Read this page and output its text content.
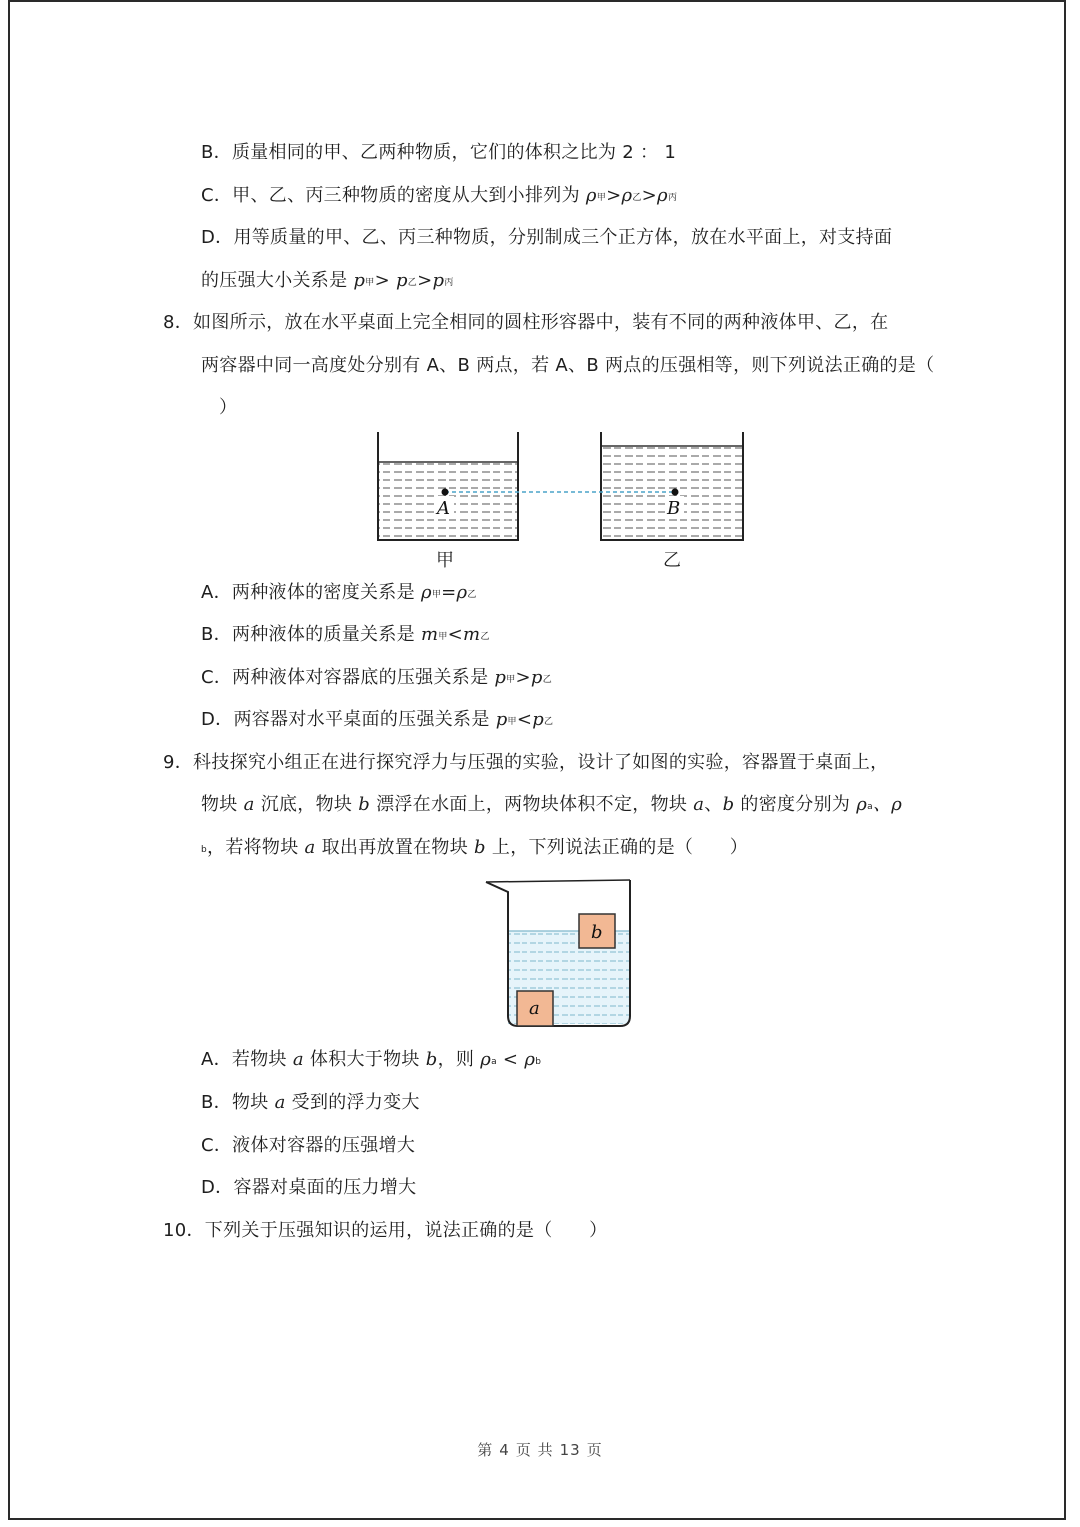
B．质量相同的甲、乙两种物质，它们的体积之比为 2 ： 1
C．甲、乙、丙三种物质的密度从大到小排列为 $\rho_甲>\rho_乙>\rho_丙$
D．用等质量的甲、乙、丙三种物质，分别制成三个正方体，放在水平面上，对支持面
的压强大小关系是 $p_甲> p_乙>p_丙$
8．如图所示，放在水平桌面上完全相同的圆柱形容器中，装有不同的两种液体甲、乙，在
两容器中同一高度处分别有 A、B 两点，若 A、B 两点的压强相等，则下列说法正确的是（
）
A	B
甲	乙
A．两种液体的密度关系是 $\rho_甲=\rho_乙$
B．两种液体的质量关系是 $m_甲<m_乙$
C．两种液体对容器底的压强关系是 $p_甲>p_乙$
D．两容器对水平桌面的压强关系是 $p_甲<p_乙$
9．科技探究小组正在进行探究浮力与压强的实验，设计了如图的实验，容器置于桌面上，
物块 a 沉底，物块 b 漂浮在水面上，两物块体积不定，物块 a、b 的密度分别为 $\rho_a$、ρ
$_b$，若将物块 a 取出再放置在物块 b 上，下列说法正确的是（　　）
a
b
A．若物块 a 体积大于物块 b，则 $\rho_a < \rho_b$
B．物块 a 受到的浮力变大
C．液体对容器的压强增大
D．容器对桌面的压力增大
10．下列关于压强知识的运用，说法正确的是（　　）
第 4 页 共 13 页
